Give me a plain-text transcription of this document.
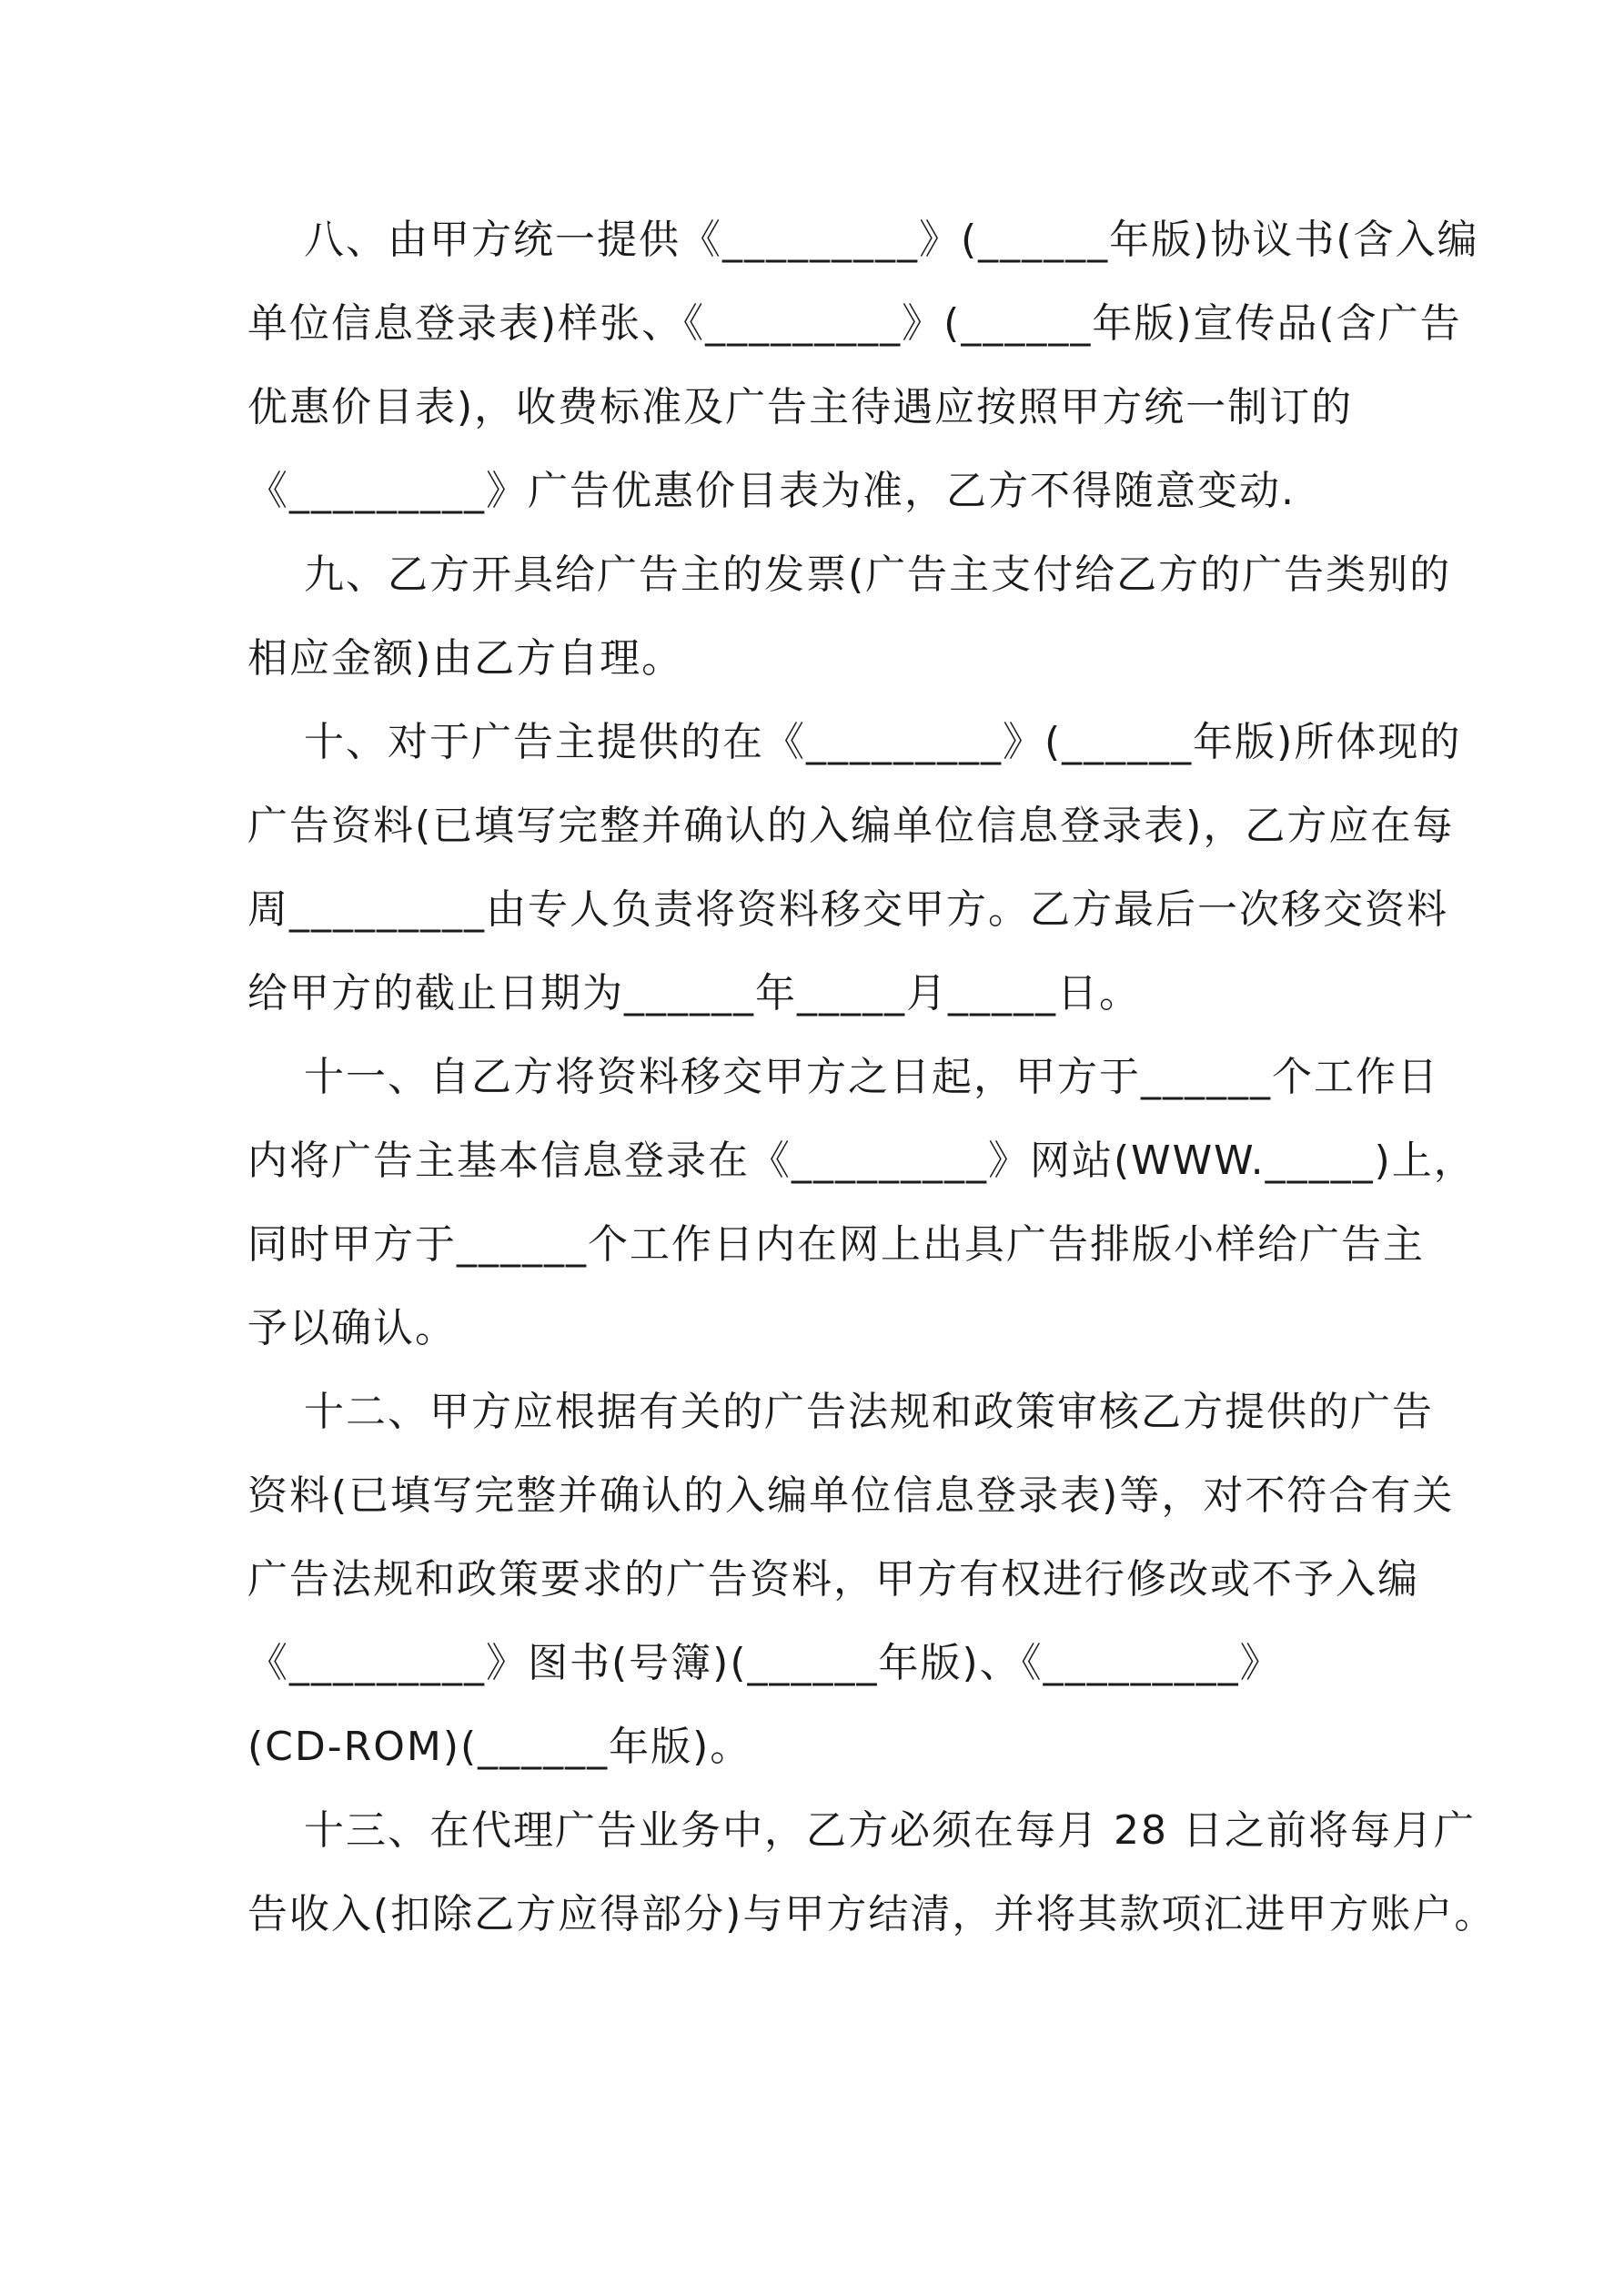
八、由甲方统一提供《_________》(______年版)协议书(含入编
单位信息登录表)样张、《_________》(______年版)宣传品(含广告
优惠价目表)，收费标准及广告主待遇应按照甲方统一制订的
《_________》广告优惠价目表为准，乙方不得随意变动.
九、乙方开具给广告主的发票(广告主支付给乙方的广告类别的
相应金额)由乙方自理。
十、对于广告主提供的在《_________》(______年版)所体现的
广告资料(已填写完整并确认的入编单位信息登录表)，乙方应在每
周_________由专人负责将资料移交甲方。乙方最后一次移交资料
给甲方的截止日期为______年_____月_____日。
十一、自乙方将资料移交甲方之日起，甲方于______个工作日
内将广告主基本信息登录在《_________》网站(WWW._____)上，
同时甲方于______个工作日内在网上出具广告排版小样给广告主
予以确认。
十二、甲方应根据有关的广告法规和政策审核乙方提供的广告
资料(已填写完整并确认的入编单位信息登录表)等，对不符合有关
广告法规和政策要求的广告资料，甲方有权进行修改或不予入编
《_________》图书(号簿)(______年版)、《_________》
(CD-ROM)(______年版)。
十三、在代理广告业务中，乙方必须在每月 28 日之前将每月广
告收入(扣除乙方应得部分)与甲方结清，并将其款项汇进甲方账户。
